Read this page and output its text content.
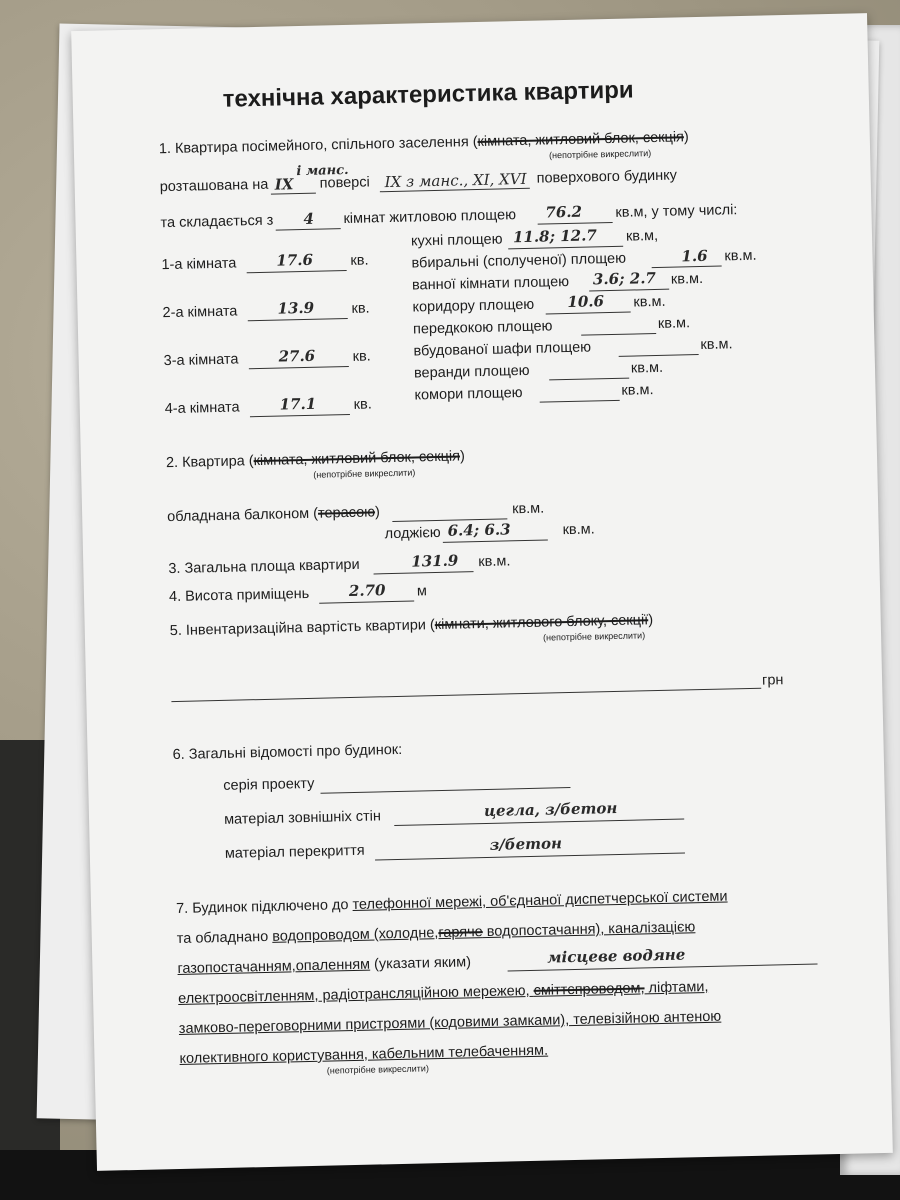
технічна характеристика квартири
1. Квартира посімейного, спільного заселення (кімната, житловий блок, секція)
(непотрібне викреслити)
розташована на IX
і манс.
поверсі IX з манс., XI, XVI поверхового будинку
та складається з 4 кімнат житловою площею 76.2 кв.м, у тому числі:
1-а кімната	17.6	кв.
2-а кімната	13.9	кв.
3-а кімната	27.6	кв.
4-а кімната	17.1	кв.
кухні площею 11.8; 12.7 кв.м,
вбиральні (сполученої) площею	1.6 кв.м.
ванної кімнати площею 3.6; 2.7 кв.м.
коридору площею 10.6 кв.м.
передкокою площею	кв.м.
вбудованої шафи площею	кв.м.
веранди площею	кв.м.
комори площею	кв.м.
2. Квартира (кімната, житловий блок, секція)
(непотрібне викреслити)
обладнана балконом (терасою)	кв.м.
лоджією 6.4; 6.3	кв.м.
3. Загальна площа квартири	131.9 кв.м.
4. Висота приміщень	2.70 м
5. Інвентаризаційна вартість квартири (кімнати, житлового блоку, секції)
(непотрібне викреслити)
грн
6. Загальні відомості про будинок:
серія проекту
матеріал зовнішніх стін	цегла, з/бетон
матеріал перекриття	з/бетон
7. Будинок підключено до телефонної мережі, об'єднаної диспетчерської системи
та обладнано водопроводом (холодне,гаряче водопостачання), каналізацією
газопостачанням,опаленням (указати яким)	місцеве водяне
електроосвітленням, радіотрансляційною мережею, сміттєпроводом, ліфтами,
замково-переговорними пристроями (кодовими замками), телевізійною антеною
колективного користування, кабельним телебаченням.
(непотрібне викреслити)
